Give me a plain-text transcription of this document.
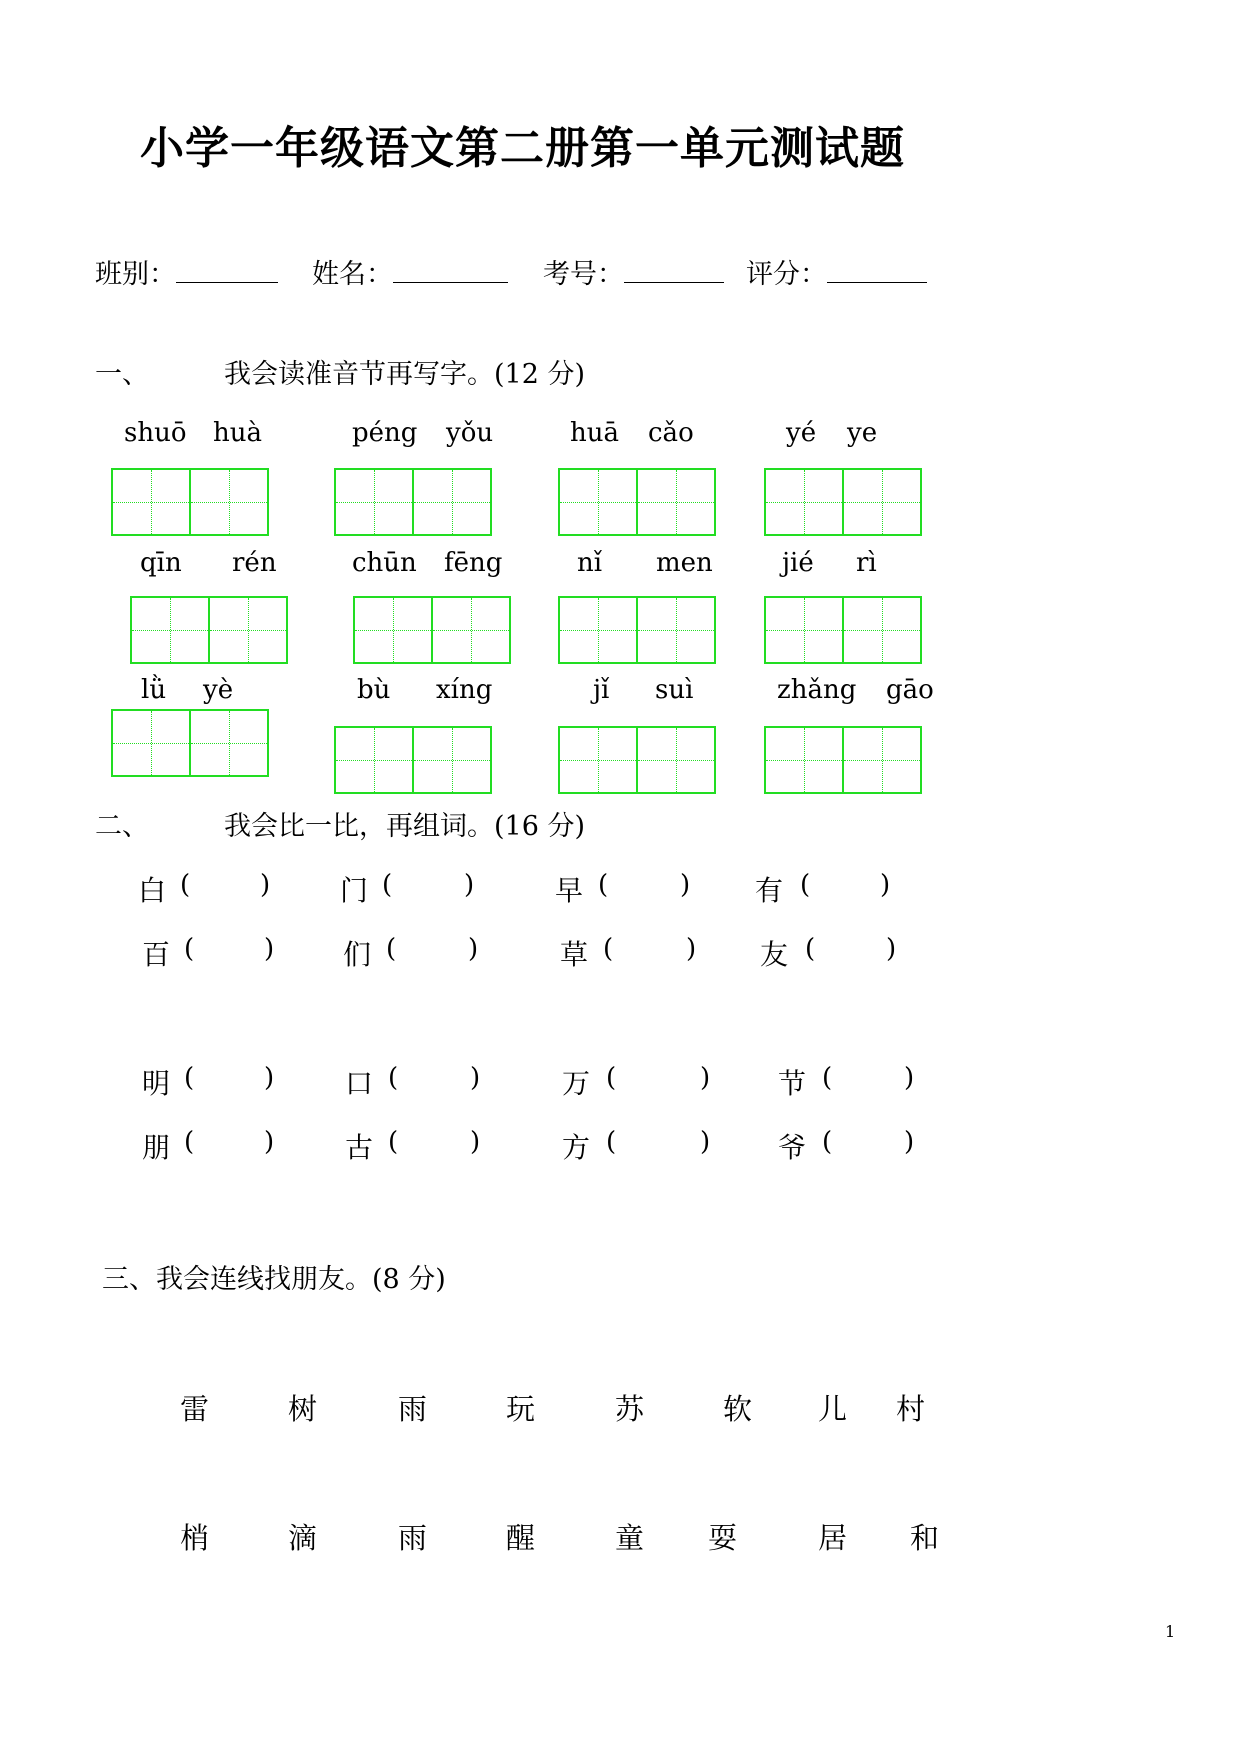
小学一年级语文第二册第一单元测试题
班别：	姓名：	考号：	评分：
一、	我会读准音节再写字。(12 分)
shuō huà	péng yǒu	huā cǎo	yé ye
qīn rén	chūn fēng	nǐ men	jié rì
lǜ yè	bù xíng	jǐ suì	zhǎng gāo
二、	我会比一比，再组词。(16 分)
白 (	) 门 (	)	早 (	) 有 (	)
百 (	) 们 (	)	草 (	) 友 (	)
明 (	)	口 (	)	万 (	) 节 (	)
朋 (	)	古 (	)	方 (	) 爷 (	)
三、我会连线找朋友。(8 分)
雷	树	雨	玩	苏	软 儿 村
梢	滴	雨	醒	童 耍	居 和
1
